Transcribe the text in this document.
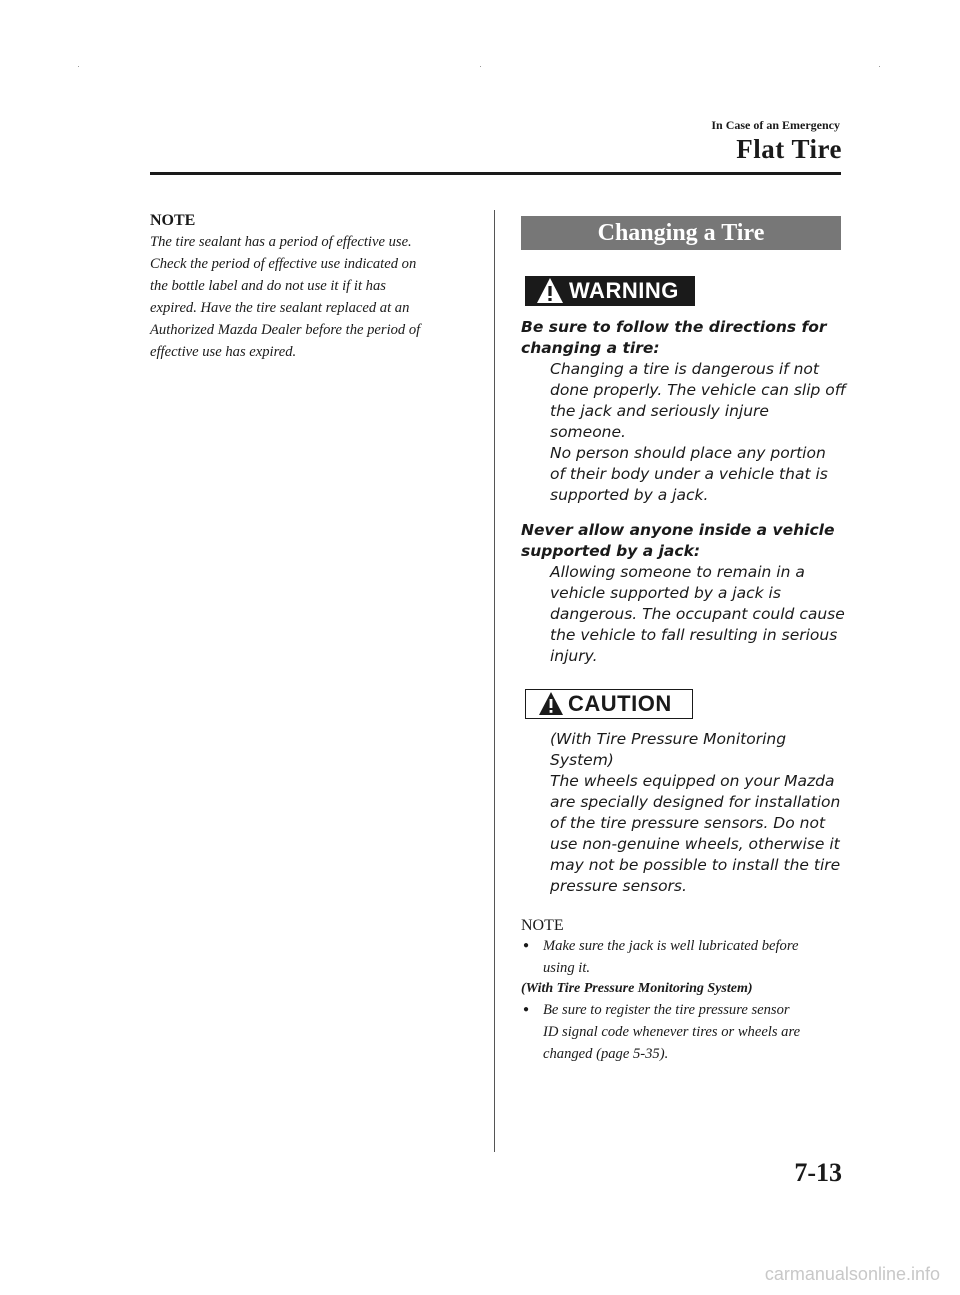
In Case of an Emergency
Flat Tire
NOTE

The tire sealant has a period of effective use.
Check the period of effective use indicated on
the bottle label and do not use it if it has
expired. Have the tire sealant replaced at an
Authorized Mazda Dealer before the period of
effective use has expired.

Changing a Tire
WARNING

Be sure to follow the directions for
changing a tire:

Changing a tire is dangerous if not
done properly. The vehicle can slip off
the jack and seriously injure
someone.
No person should place any portion
of their body under a vehicle that is
supported by a jack.

Never allow anyone inside a vehicle
supported by a jack:

Allowing someone to remain in a
vehicle supported by a jack is
dangerous. The occupant could cause
the vehicle to fall resulting in serious
injury.

CAUTION

(With Tire Pressure Monitoring
System)
The wheels equipped on your Mazda
are specially designed for installation
of the tire pressure sensors. Do not
use non-genuine wheels, otherwise it
may not be possible to install the tire
pressure sensors.

NOTE
● Make sure the jack is well lubricated before
using it.

(With Tire Pressure Monitoring System)

● Be sure to register the tire pressure sensor
ID signal code whenever tires or wheels are
changed (page 5-35).
7-13
carmanualsonline.info
